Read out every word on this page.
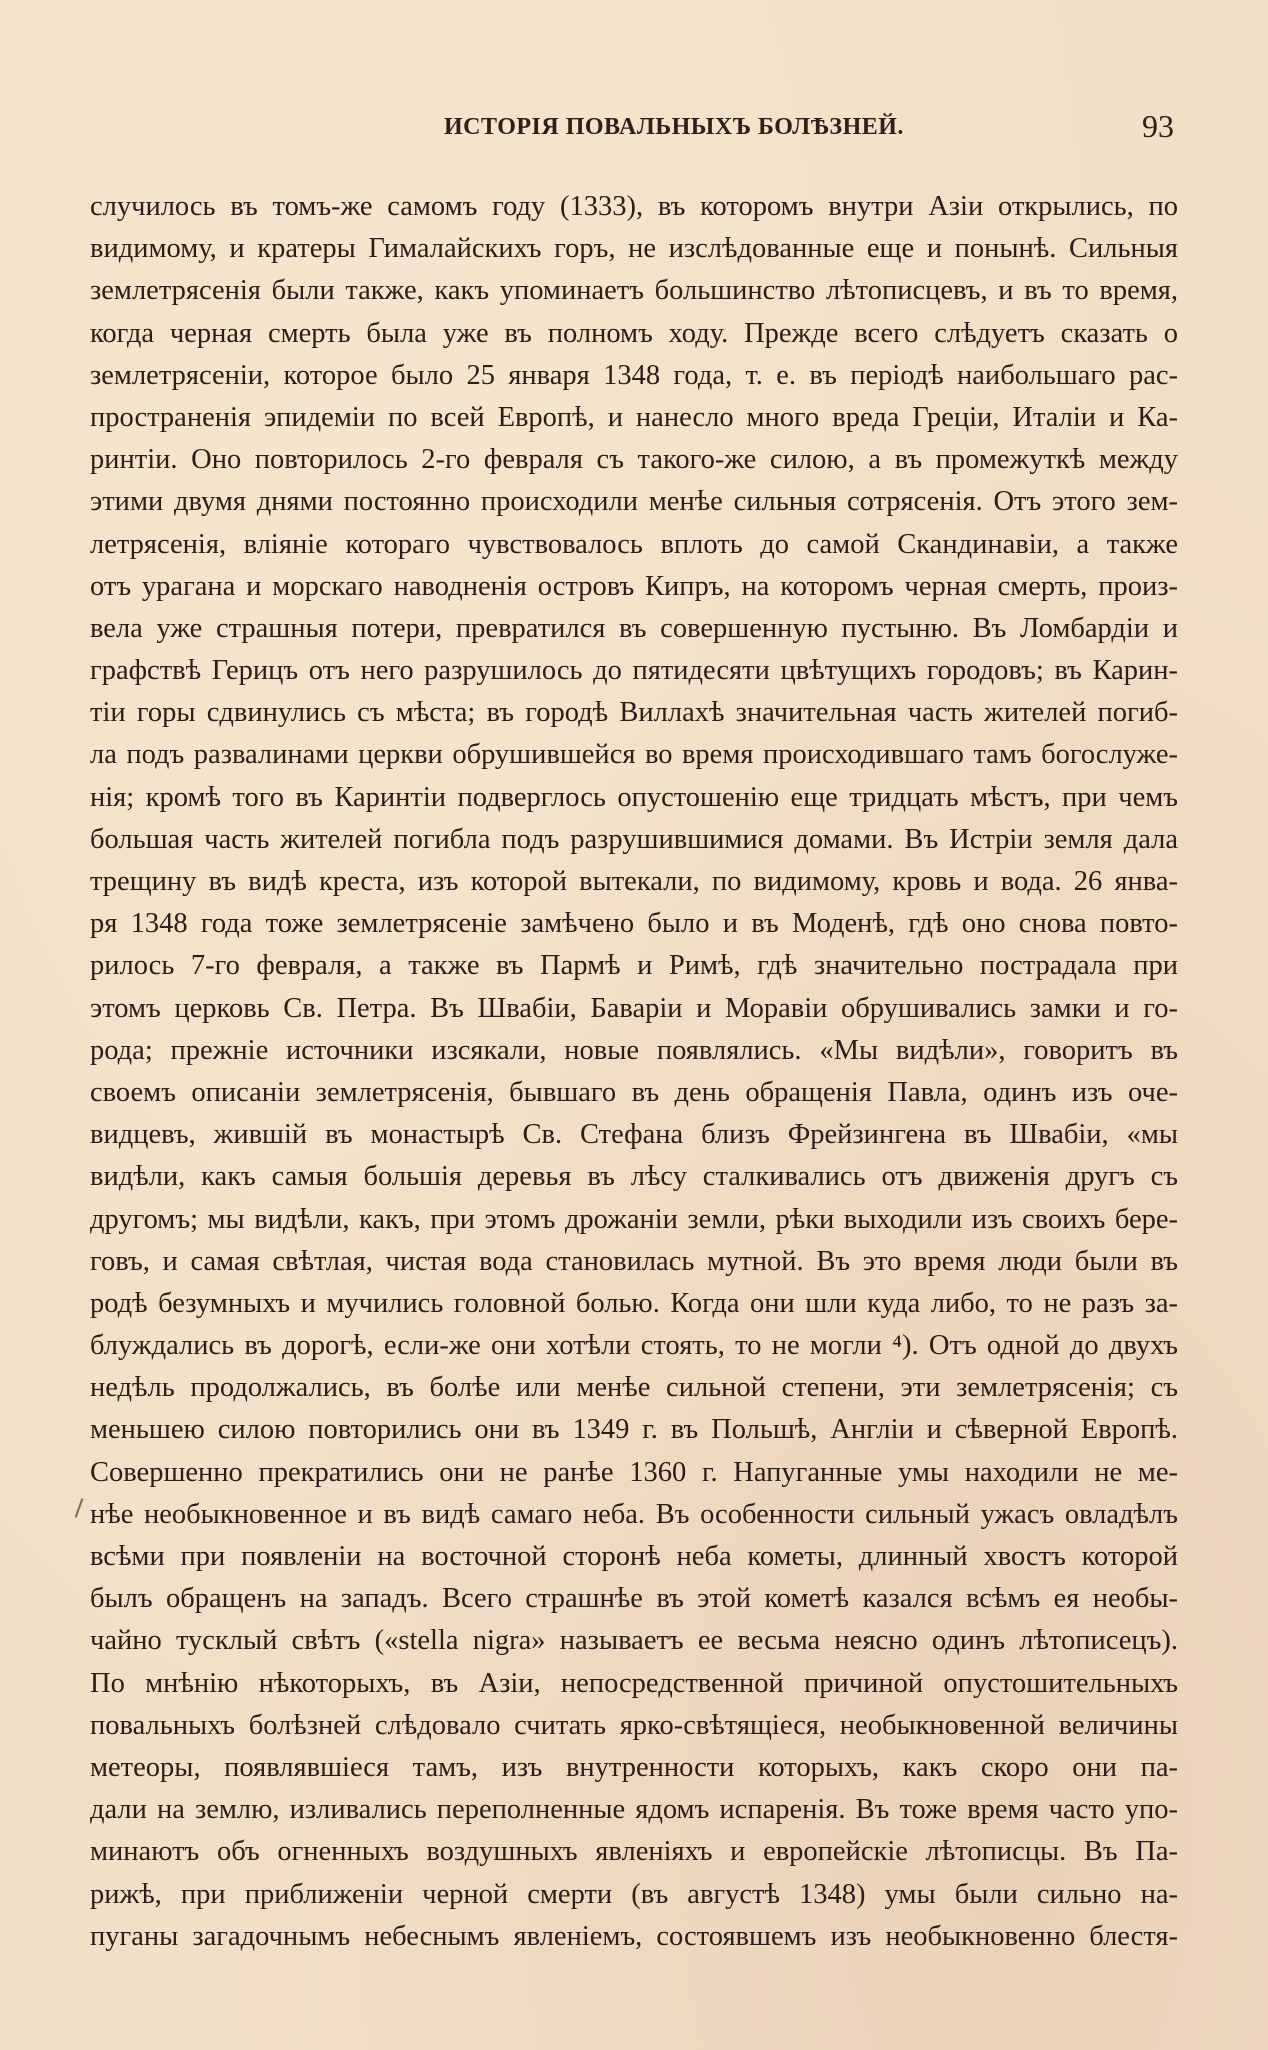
ИСТОРІЯ ПОВАЛЬНЫХЪ БОЛѢЗНЕЙ.	93
случилось въ томъ-же самомъ году (1333), въ которомъ внутри Азіи открылись, по
видимому, и кратеры Гималайскихъ горъ, не изслѣдованные еще и понынѣ. Сильныя
землетрясенія были также, какъ упоминаетъ большинство лѣтописцевъ, и въ то время,
когда черная смерть была уже въ полномъ ходу. Прежде всего слѣдуетъ сказать о
землетрясеніи, которое было 25 января 1348 года, т. е. въ періодѣ наибольшаго рас-
пространенія эпидеміи по всей Европѣ, и нанесло много вреда Греціи, Италіи и Ка-
ринтіи. Оно повторилось 2-го февраля съ такого-же силою, а въ промежуткѣ между
этими двумя днями постоянно происходили менѣе сильныя сотрясенія. Отъ этого зем-
летрясенія, вліяніе котораго чувствовалось вплоть до самой Скандинавіи, а также
отъ урагана и морскаго наводненія островъ Кипръ, на которомъ черная смерть, произ-
вела уже страшныя потери, превратился въ совершенную пустыню. Въ Ломбардіи и
графствѣ Герицъ отъ него разрушилось до пятидесяти цвѣтущихъ городовъ; въ Карин-
тіи горы сдвинулись съ мѣста; въ городѣ Виллахѣ значительная часть жителей погиб-
ла подъ развалинами церкви обрушившейся во время происходившаго тамъ богослуже-
нія; кромѣ того въ Каринтіи подверглось опустошенію еще тридцать мѣстъ, при чемъ
большая часть жителей погибла подъ разрушившимися домами. Въ Истріи земля дала
трещину въ видѣ креста, изъ которой вытекали, по видимому, кровь и вода. 26 янва-
ря 1348 года тоже землетрясеніе замѣчено было и въ Моденѣ, гдѣ оно снова повто-
рилось 7-го февраля, а также въ Пармѣ и Римѣ, гдѣ значительно пострадала при
этомъ церковь Св. Петра. Въ Швабіи, Баваріи и Моравіи обрушивались замки и го-
рода; прежніе источники изсякали, новые появлялись. «Мы видѣли», говоритъ въ
своемъ описаніи землетрясенія, бывшаго въ день обращенія Павла, одинъ изъ оче-
видцевъ, жившій въ монастырѣ Св. Стефана близъ Фрейзингена въ Швабіи, «мы
видѣли, какъ самыя большія деревья въ лѣсу сталкивались отъ движенія другъ съ
другомъ; мы видѣли, какъ, при этомъ дрожаніи земли, рѣки выходили изъ своихъ бере-
говъ, и самая свѣтлая, чистая вода становилась мутной. Въ это время люди были въ
родѣ безумныхъ и мучились головной болью. Когда они шли куда либо, то не разъ за-
блуждались въ дорогѣ, если-же они хотѣли стоять, то не могли ⁴). Отъ одной до двухъ
недѣль продолжались, въ болѣе или менѣе сильной степени, эти землетрясенія; съ
меньшею силою повторились они въ 1349 г. въ Польшѣ, Англіи и сѣверной Европѣ.
Совершенно прекратились они не ранѣе 1360 г. Напуганные умы находили не ме-
нѣе необыкновенное и въ видѣ самаго неба. Въ особенности сильный ужасъ овладѣлъ
всѣми при появленіи на восточной сторонѣ неба кометы, длинный хвостъ которой
былъ обращенъ на западъ. Всего страшнѣе въ этой кометѣ казался всѣмъ ея необы-
чайно тусклый свѣтъ («stella nigra» называетъ ее весьма неясно одинъ лѣтописецъ).
По мнѣнію нѣкоторыхъ, въ Азіи, непосредственной причиной опустошительныхъ
повальныхъ болѣзней слѣдовало считать ярко-свѣтящіеся, необыкновенной величины
метеоры, появлявшіеся тамъ, изъ внутренности которыхъ, какъ скоро они па-
дали на землю, изливались переполненные ядомъ испаренія. Въ тоже время часто упо-
минаютъ объ огненныхъ воздушныхъ явленіяхъ и европейскіе лѣтописцы. Въ Па-
рижѣ, при приближеніи черной смерти (въ августѣ 1348) умы были сильно на-
пуганы загадочнымъ небеснымъ явленіемъ, состоявшемъ изъ необыкновенно блестя-
